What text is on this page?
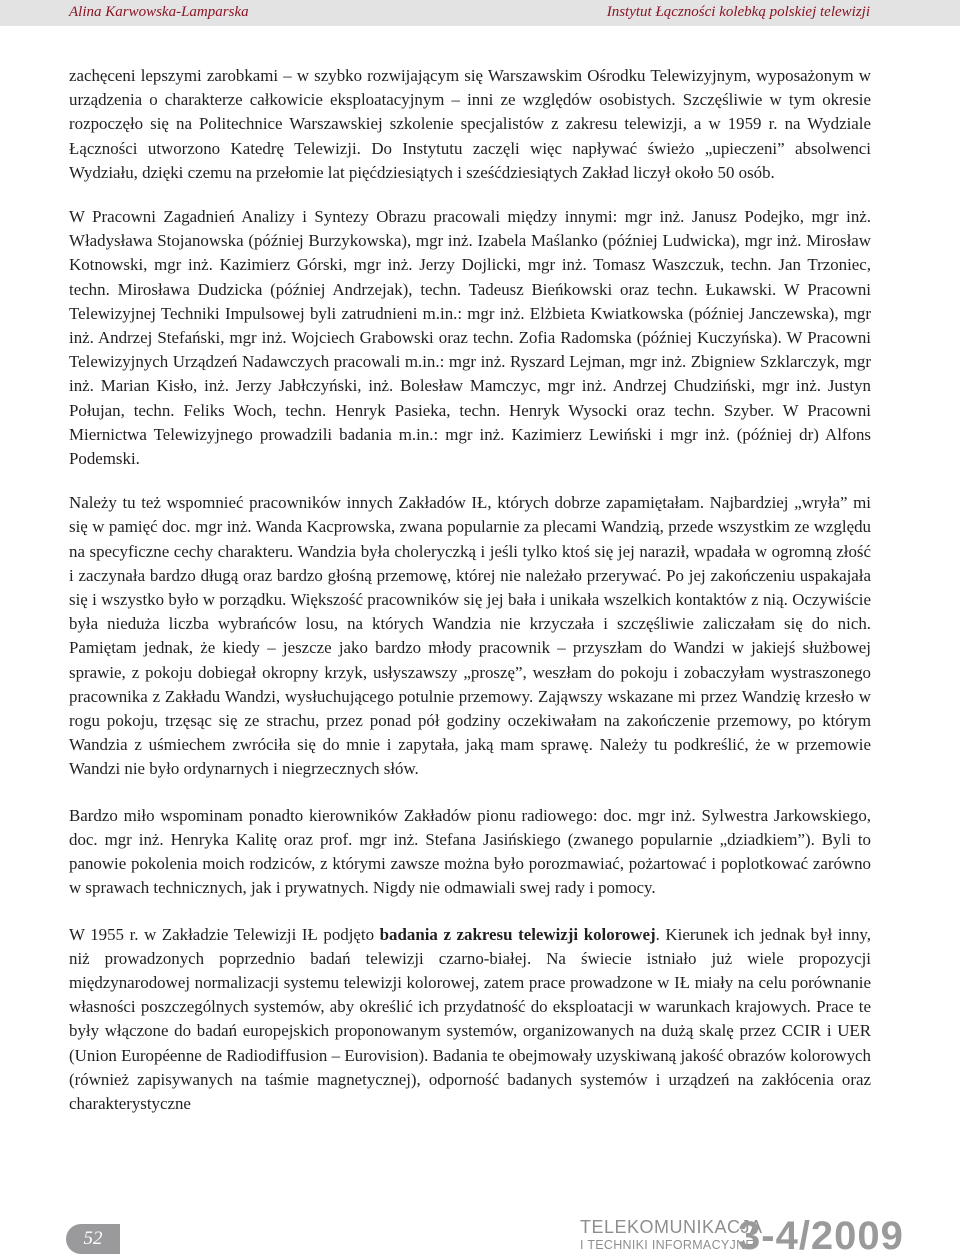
Alina Karwowska-Lamparska	Instytut Łączności kolebką polskiej telewizji

zachęceni lepszymi zarobkami – w szybko rozwijającym się Warszawskim Ośrodku Telewizyjnym, wyposażonym w urządzenia o charakterze całkowicie eksploatacyjnym – inni ze względów osobistych. Szczęśliwie w tym okresie rozpoczęło się na Politechnice Warszawskiej szkolenie specjalistów z zakresu telewizji, a w 1959 r. na Wydziale Łączności utworzono Katedrę Telewizji. Do Instytutu zaczęli więc napływać świeżo „upieczeni” absolwenci Wydziału, dzięki czemu na przełomie lat pięćdziesiątych i sześćdziesiątych Zakład liczył około 50 osób.

W Pracowni Zagadnień Analizy i Syntezy Obrazu pracowali między innymi: mgr inż. Janusz Podejko, mgr inż. Władysława Stojanowska (później Burzykowska), mgr inż. Izabela Maślanko (później Ludwicka), mgr inż. Mirosław Kotnowski, mgr inż. Kazimierz Górski, mgr inż. Jerzy Dojlicki, mgr inż. Tomasz Waszczuk, techn. Jan Trzoniec, techn. Mirosława Dudzicka (później Andrzejak), techn. Tadeusz Bieńkowski oraz techn. Łukawski. W Pracowni Telewizyjnej Techniki Impulsowej byli zatrudnieni m.in.: mgr inż. Elżbieta Kwiatkowska (później Janczewska), mgr inż. Andrzej Stefański, mgr inż. Wojciech Grabowski oraz techn. Zofia Radomska (później Kuczyńska). W Pracowni Telewizyjnych Urządzeń Nadawczych pracowali m.in.: mgr inż. Ryszard Lejman, mgr inż. Zbigniew Szklarczyk, mgr inż. Marian Kisło, inż. Jerzy Jabłczyński, inż. Bolesław Mamczyc, mgr inż. Andrzej Chudziński, mgr inż. Justyn Połujan, techn. Feliks Woch, techn. Henryk Pasieka, techn. Henryk Wysocki oraz techn. Szyber. W Pracowni Miernictwa Telewizyjnego prowadzili badania m.in.: mgr inż. Kazimierz Lewiński i mgr inż. (później dr) Alfons Podemski.

Należy tu też wspomnieć pracowników innych Zakładów IŁ, których dobrze zapamiętałam. Najbardziej „wryła” mi się w pamięć doc. mgr inż. Wanda Kacprowska, zwana popularnie za plecami Wandzią, przede wszystkim ze względu na specyficzne cechy charakteru. Wandzia była choleryczką i jeśli tylko ktoś się jej naraził, wpadała w ogromną złość i zaczynała bardzo długą oraz bardzo głośną przemowę, której nie należało przerywać. Po jej zakończeniu uspakajała się i wszystko było w porządku. Większość pracowników się jej bała i unikała wszelkich kontaktów z nią. Oczywiście była nieduża liczba wybrańców losu, na których Wandzia nie krzyczała i szczęśliwie zaliczałam się do nich. Pamiętam jednak, że kiedy – jeszcze jako bardzo młody pracownik – przyszłam do Wandzi w jakiejś służbowej sprawie, z pokoju dobiegał okropny krzyk, usłyszawszy „proszę”, weszłam do pokoju i zobaczyłam wystraszonego pracownika z Zakładu Wandzi, wysłuchującego potulnie przemowy. Zająwszy wskazane mi przez Wandzię krzesło w rogu pokoju, trzęsąc się ze strachu, przez ponad pół godziny oczekiwałam na zakończenie przemowy, po którym Wandzia z uśmiechem zwróciła się do mnie i zapytała, jaką mam sprawę. Należy tu podkreślić, że w przemowie Wandzi nie było ordynarnych i niegrzecznych słów.

Bardzo miło wspominam ponadto kierowników Zakładów pionu radiowego: doc. mgr inż. Sylwestra Jarkowskiego, doc. mgr inż. Henryka Kalitę oraz prof. mgr inż. Stefana Jasińskiego (zwanego popularnie „dziadkiem”). Byli to panowie pokolenia moich rodziców, z którymi zawsze można było porozmawiać, pożartować i poplotkować zarówno w sprawach technicznych, jak i prywatnych. Nigdy nie odmawiali swej rady i pomocy.

W 1955 r. w Zakładzie Telewizji IŁ podjęto badania z zakresu telewizji kolorowej. Kierunek ich jednak był inny, niż prowadzonych poprzednio badań telewizji czarno-białej. Na świecie istniało już wiele propozycji międzynarodowej normalizacji systemu telewizji kolorowej, zatem prace prowadzone w IŁ miały na celu porównanie własności poszczególnych systemów, aby określić ich przydatność do eksploatacji w warunkach krajowych. Prace te były włączone do badań europejskich proponowanym systemów, organizowanych na dużą skalę przez CCIR i UER (Union Européenne de Radiodiffusion – Eurovision). Badania te obejmowały uzyskiwaną jakość obrazów kolorowych (również zapisywanych na taśmie magnetycznej), odporność badanych systemów i urządzeń na zakłócenia oraz charakterystyczne

52
TELEKOMUNIKACJA
I TECHNIKI INFORMACYJNE
3-4/2009
